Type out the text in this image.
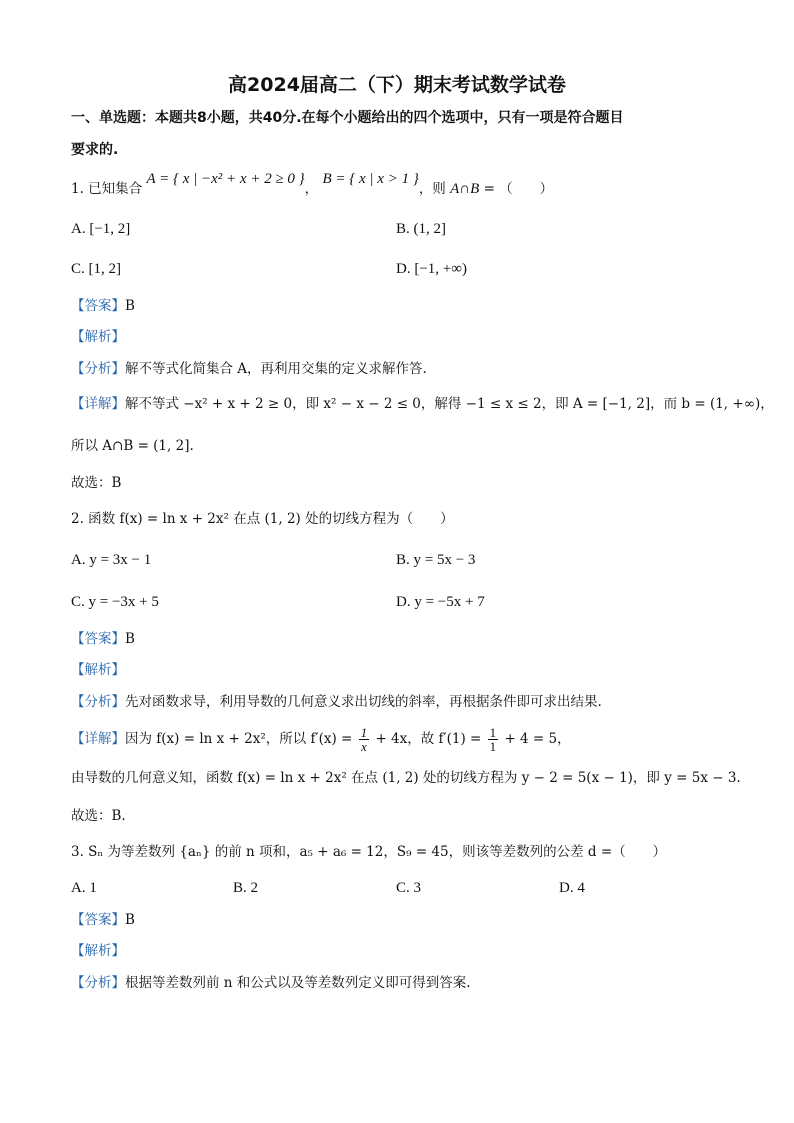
高2024届高二（下）期末考试数学试卷
一、单选题：本题共8小题，共40分.在每个小题给出的四个选项中，只有一项是符合题目
要求的.
1. 已知集合 A = { x | −x² + x + 2 ≥ 0 }， B = { x | x > 1 }，则 A∩B = （　　）
A. [−1, 2]	B. (1, 2]
C. [1, 2]	D. [−1, +∞)
【答案】B
【解析】
【分析】解不等式化简集合 A，再利用交集的定义求解作答.
【详解】解不等式 −x² + x + 2 ≥ 0，即 x² − x − 2 ≤ 0，解得 −1 ≤ x ≤ 2，即 A = [−1, 2]，而 b = (1, +∞)，
所以 A∩B = (1, 2].
故选：B
2. 函数 f(x) = ln x + 2x² 在点 (1, 2) 处的切线方程为（　　）
A. y = 3x − 1	B. y = 5x − 3
C. y = −3x + 5	D. y = −5x + 7
【答案】B
【解析】
【分析】先对函数求导，利用导数的几何意义求出切线的斜率，再根据条件即可求出结果.
【详解】因为 f(x) = ln x + 2x²，所以 $f'(x) = \frac{1}{x} + 4x$，故 $f'(1) = \frac{1}{1} + 4 = 5$，
由导数的几何意义知，函数 f(x) = ln x + 2x² 在点 (1, 2) 处的切线方程为 y − 2 = 5(x − 1)，即 y = 5x − 3.
故选：B.
3. Sₙ 为等差数列 {aₙ} 的前 n 项和，a₅ + a₆ = 12，S₉ = 45，则该等差数列的公差 d =（　　）
A. 1	B. 2	C. 3	D. 4
【答案】B
【解析】
【分析】根据等差数列前 n 和公式以及等差数列定义即可得到答案.
